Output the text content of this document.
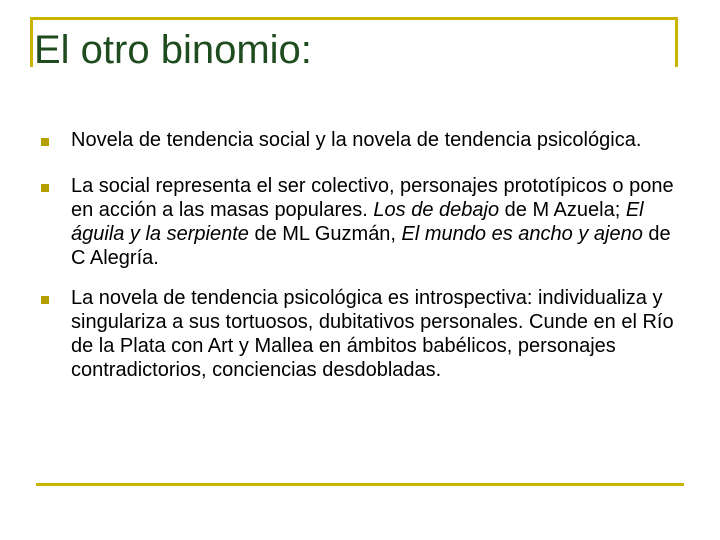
El otro binomio:
Novela de tendencia social y la novela de tendencia psicológica.
La social representa el ser colectivo, personajes prototípicos o pone en acción a las masas populares. Los de debajo de M Azuela; El águila y la serpiente de ML Guzmán, El mundo es ancho y ajeno de C Alegría.
La novela de tendencia psicológica es introspectiva: individualiza y singulariza a sus tortuosos, dubitativos personales. Cunde en el Río de la Plata con Art y Mallea en ámbitos babélicos, personajes contradictorios, conciencias desdobladas.
